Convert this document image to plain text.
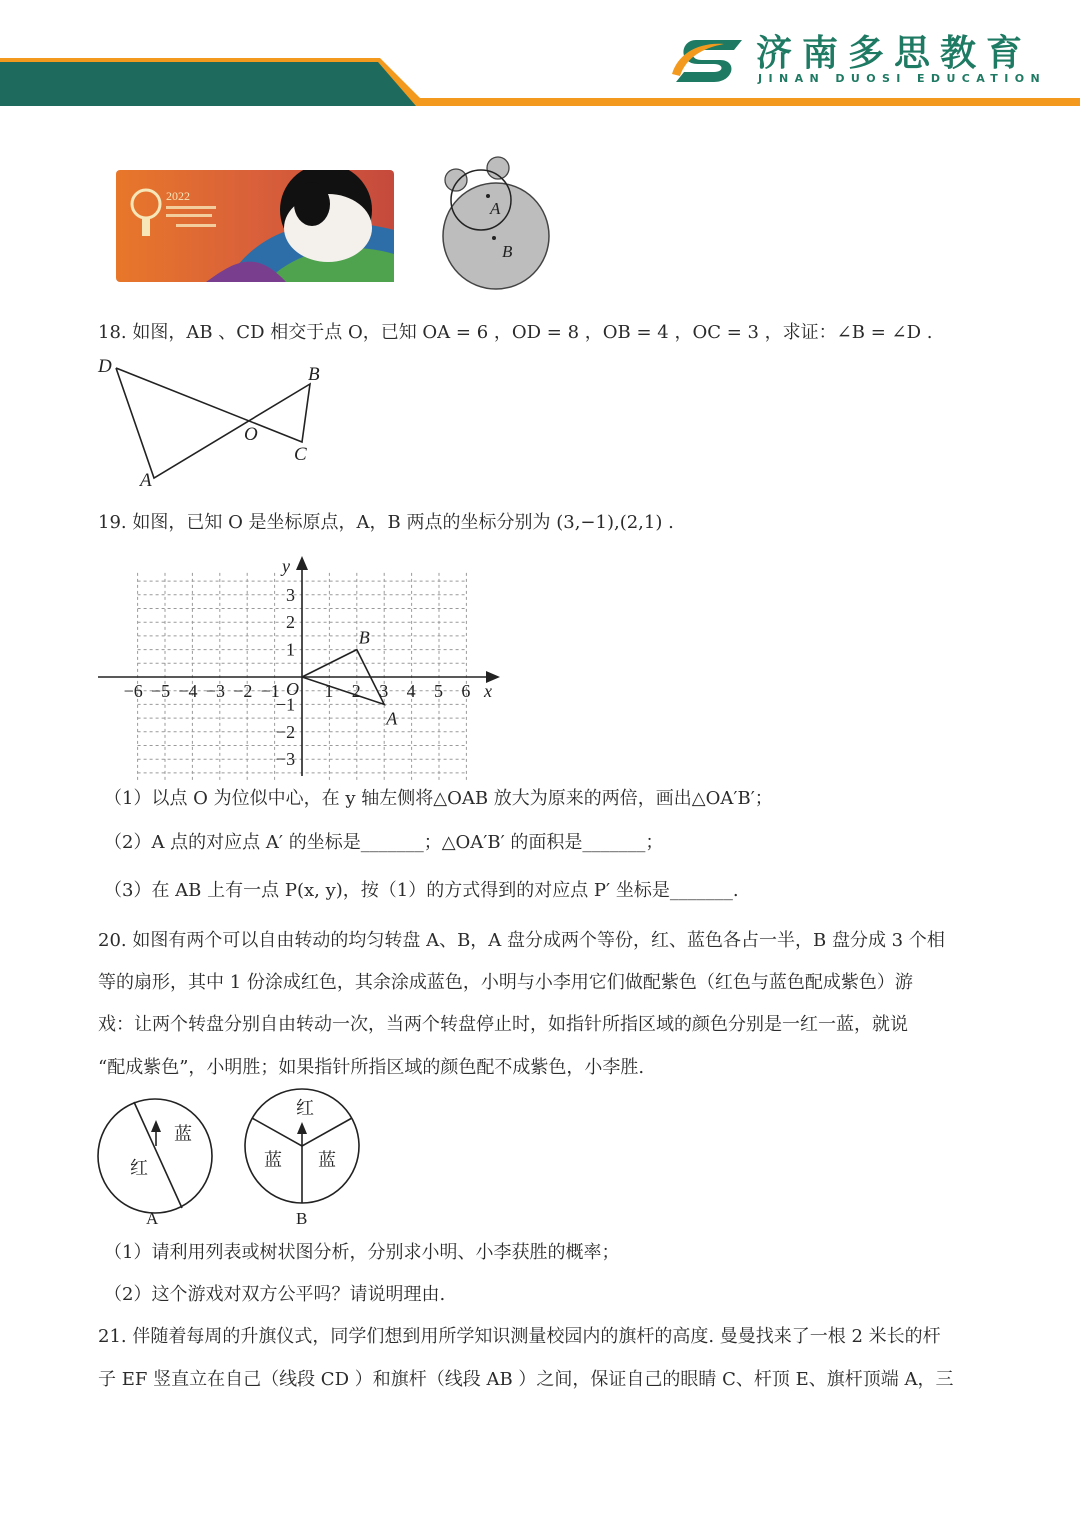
济南多思教育
JINAN DUOSI EDUCATION
2022
A
B
18. 如图，AB 、CD 相交于点 O，已知 OA = 6 ，OD = 8 ，OB = 4 ，OC = 3 ，求证：∠B = ∠D .
D	B
O
C
A
19. 如图，已知 O 是坐标原点，A，B 两点的坐标分别为 (3,−1),(2,1) .
y
x
O
−6 −5 −4 −3 −2 −1 1 2 3 4 5 6
3
2
1
−1
−2
−3
B
A
（1）以点 O 为位似中心，在 y 轴左侧将△OAB 放大为原来的两倍，画出△OA′B′；
（2）A 点的对应点 A′ 的坐标是_______；△OA′B′ 的面积是_______；
（3）在 AB 上有一点 P(x, y)，按（1）的方式得到的对应点 P′ 坐标是_______.
20. 如图有两个可以自由转动的均匀转盘 A、B，A 盘分成两个等份，红、蓝色各占一半，B 盘分成 3 个相
等的扇形，其中 1 份涂成红色，其余涂成蓝色，小明与小李用它们做配紫色（红色与蓝色配成紫色）游
戏：让两个转盘分别自由转动一次，当两个转盘停止时，如指针所指区域的颜色分别是一红一蓝，就说
“配成紫色”，小明胜；如果指针所指区域的颜色配不成紫色，小李胜.
蓝
红
A
红
蓝 蓝
B
（1）请利用列表或树状图分析，分别求小明、小李获胜的概率；
（2）这个游戏对双方公平吗？请说明理由.
21. 伴随着每周的升旗仪式，同学们想到用所学知识测量校园内的旗杆的高度. 曼曼找来了一根 2 米长的杆
子 EF 竖直立在自己（线段 CD ）和旗杆（线段 AB ）之间，保证自己的眼睛 C、杆顶 E、旗杆顶端 A，三
